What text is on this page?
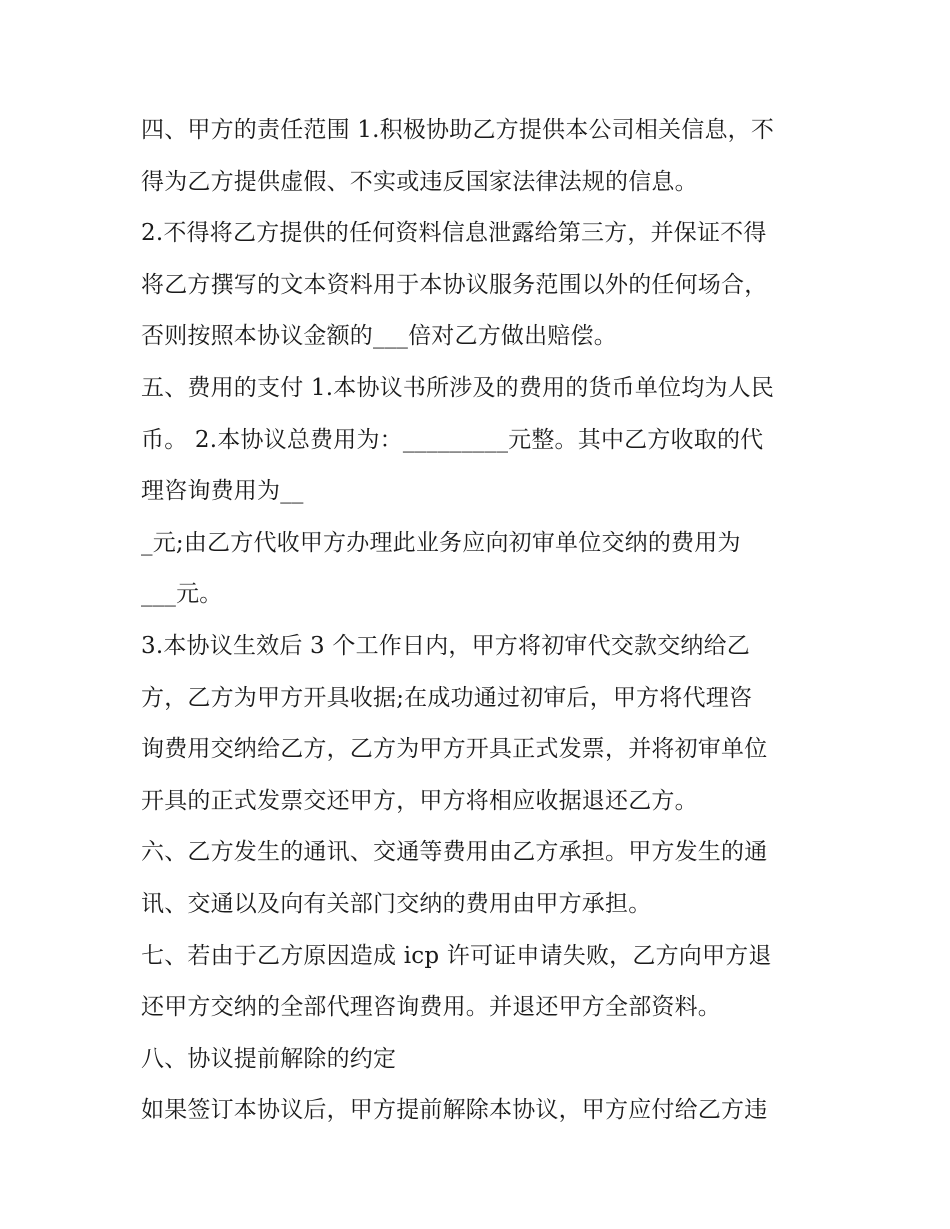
四、甲方的责任范围 1.积极协助乙方提供本公司相关信息，不
得为乙方提供虚假、不实或违反国家法律法规的信息。
2.不得将乙方提供的任何资料信息泄露给第三方，并保证不得
将乙方撰写的文本资料用于本协议服务范围以外的任何场合，
否则按照本协议金额的___倍对乙方做出赔偿。
五、费用的支付 1.本协议书所涉及的费用的货币单位均为人民
币。 2.本协议总费用为：_________元整。其中乙方收取的代
理咨询费用为__
_元;由乙方代收甲方办理此业务应向初审单位交纳的费用为
___元。
3.本协议生效后 3 个工作日内，甲方将初审代交款交纳给乙
方，乙方为甲方开具收据;在成功通过初审后，甲方将代理咨
询费用交纳给乙方，乙方为甲方开具正式发票，并将初审单位
开具的正式发票交还甲方，甲方将相应收据退还乙方。
六、乙方发生的通讯、交通等费用由乙方承担。甲方发生的通
讯、交通以及向有关部门交纳的费用由甲方承担。
七、若由于乙方原因造成 icp 许可证申请失败，乙方向甲方退
还甲方交纳的全部代理咨询费用。并退还甲方全部资料。
八、协议提前解除的约定
如果签订本协议后，甲方提前解除本协议，甲方应付给乙方违
